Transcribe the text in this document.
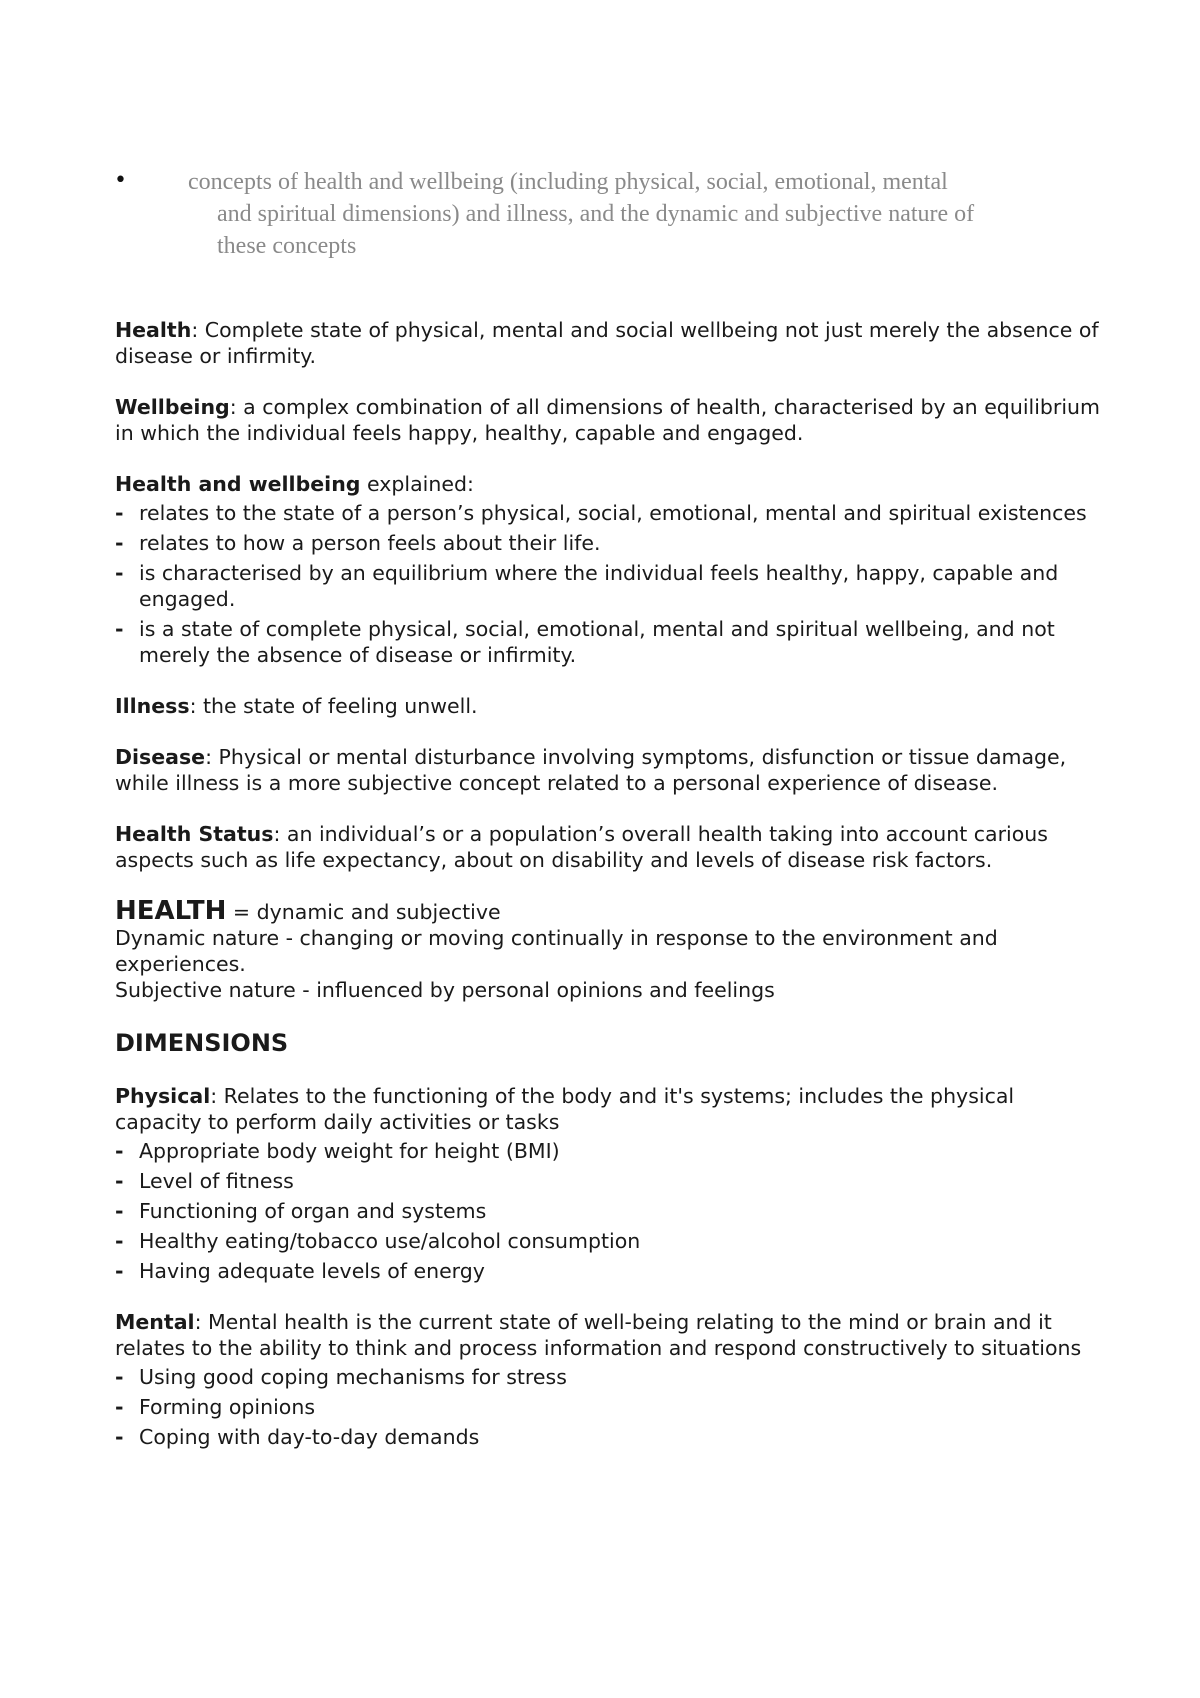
•	concepts of health and wellbeing (including physical, social, emotional, mental
and spiritual dimensions) and illness, and the dynamic and subjective nature of
these concepts

Health: Complete state of physical, mental and social wellbeing not just merely the absence of disease or infirmity.

Wellbeing: a complex combination of all dimensions of health, characterised by an equilibrium in which the individual feels happy, healthy, capable and engaged.

Health and wellbeing explained:

- relates to the state of a person’s physical, social, emotional, mental and spiritual existences
- relates to how a person feels about their life.
- is characterised by an equilibrium where the individual feels healthy, happy, capable and engaged.
- is a state of complete physical, social, emotional, mental and spiritual wellbeing, and not merely the absence of disease or infirmity.

Illness: the state of feeling unwell.

Disease: Physical or mental disturbance involving symptoms, disfunction or tissue damage, while illness is a more subjective concept related to a personal experience of disease.

Health Status: an individual’s or a population’s overall health taking into account carious aspects such as life expectancy, about on disability and levels of disease risk factors.

HEALTH = dynamic and subjective
Dynamic nature - changing or moving continually in response to the environment and experiences.
Subjective nature - influenced by personal opinions and feelings

DIMENSIONS

Physical: Relates to the functioning of the body and it's systems; includes the physical capacity to perform daily activities or tasks

- Appropriate body weight for height (BMI)
- Level of fitness
- Functioning of organ and systems
- Healthy eating/tobacco use/alcohol consumption
- Having adequate levels of energy

Mental: Mental health is the current state of well-being relating to the mind or brain and it relates to the ability to think and process information and respond constructively to situations

- Using good coping mechanisms for stress
- Forming opinions
- Coping with day-to-day demands
